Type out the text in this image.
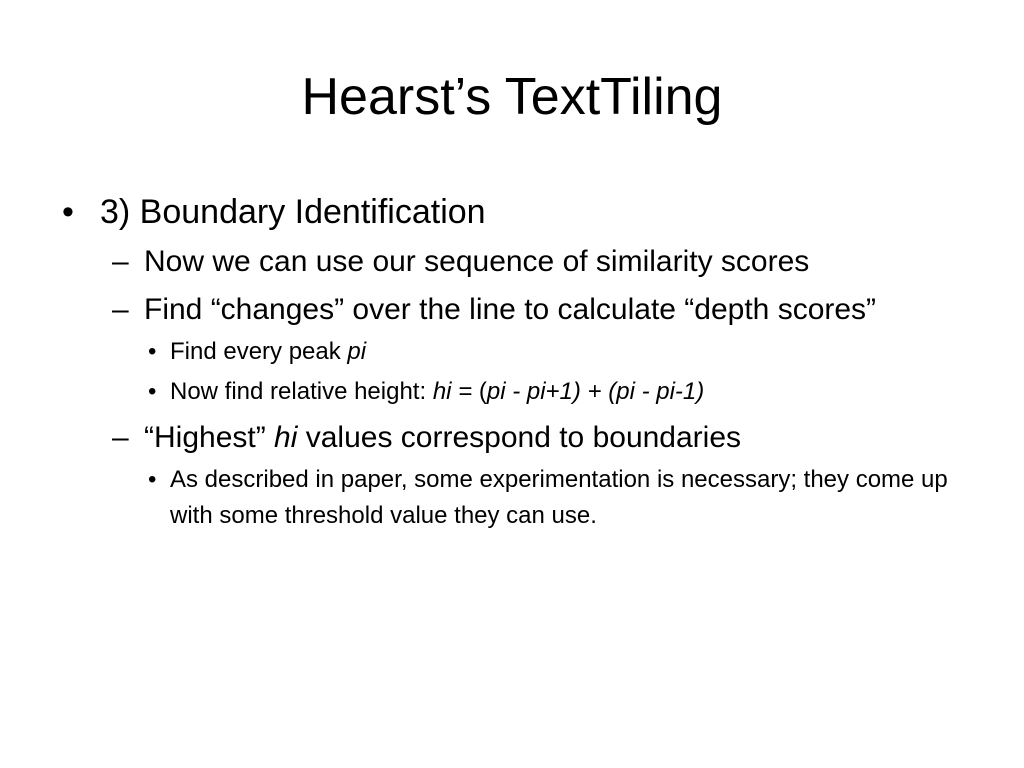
Hearst’s TextTiling
• 3) Boundary Identification
– Now we can use our sequence of similarity scores
– Find “changes” over the line to calculate “depth scores”
• Find every peak pi
• Now find relative height: hi = (pi - pi+1) + (pi - pi-1)
– “Highest” hi values correspond to boundaries
• As described in paper, some experimentation is necessary; they come up with some threshold value they can use.
